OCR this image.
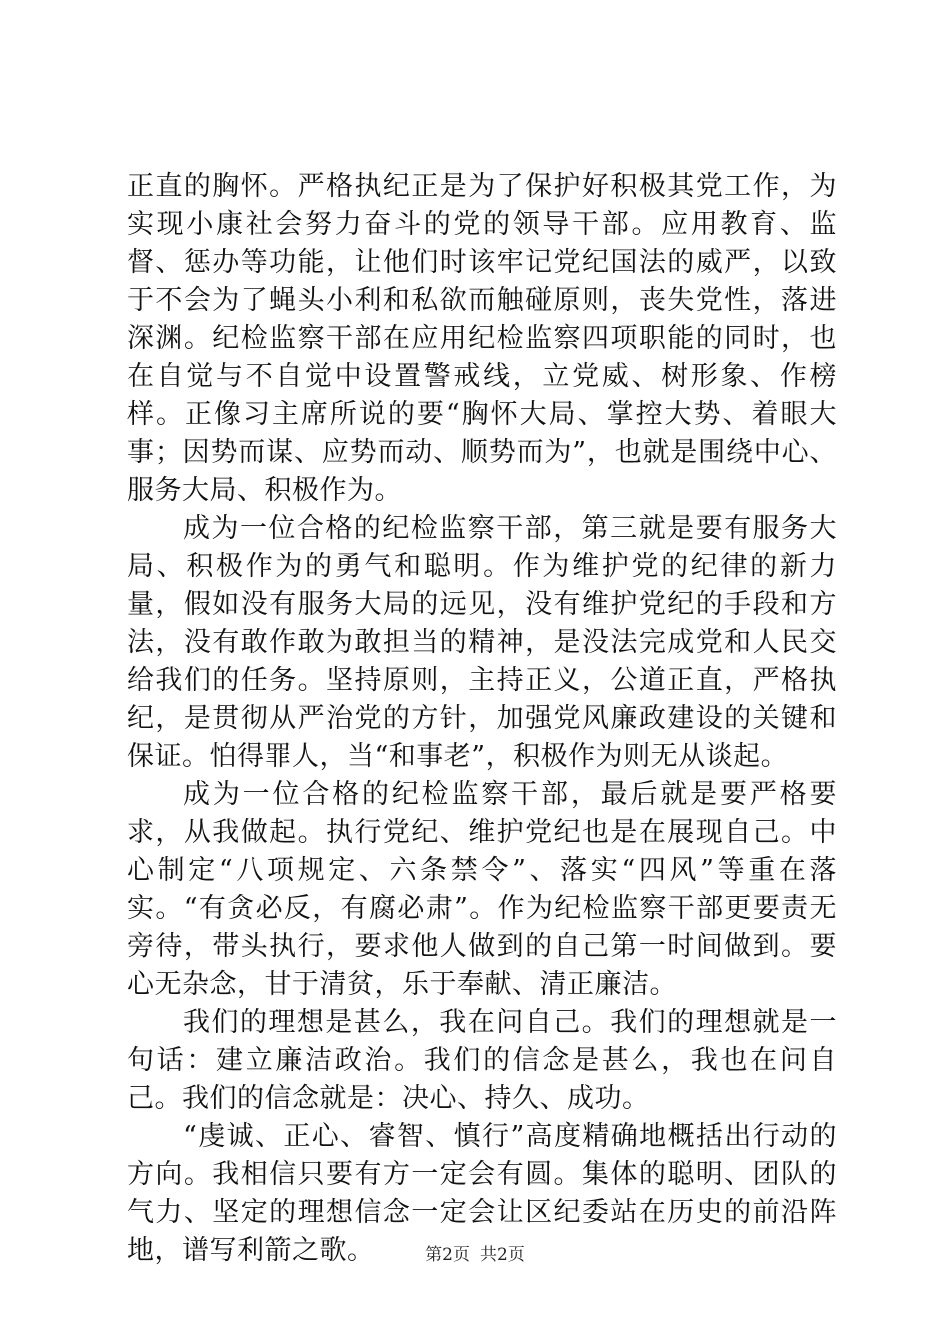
正直的胸怀。严格执纪正是为了保护好积极其党工作，为实现小康社会努力奋斗的党的领导干部。应用教育、监督、惩办等功能，让他们时该牢记党纪国法的威严，以致于不会为了蝇头小利和私欲而触碰原则，丧失党性，落进深渊。纪检监察干部在应用纪检监察四项职能的同时，也在自觉与不自觉中设置警戒线，立党威、树形象、作榜样。正像习主席所说的要“胸怀大局、掌控大势、着眼大事；因势而谋、应势而动、顺势而为”，也就是围绕中心、服务大局、积极作为。

成为一位合格的纪检监察干部，第三就是要有服务大局、积极作为的勇气和聪明。作为维护党的纪律的新力量，假如没有服务大局的远见，没有维护党纪的手段和方法，没有敢作敢为敢担当的精神，是没法完成党和人民交给我们的任务。坚持原则，主持正义，公道正直，严格执纪，是贯彻从严治党的方针，加强党风廉政建设的关键和保证。怕得罪人，当“和事老”，积极作为则无从谈起。

成为一位合格的纪检监察干部，最后就是要严格要求，从我做起。执行党纪、维护党纪也是在展现自己。中心制定“八项规定、六条禁令”、落实“四风”等重在落实。“有贪必反，有腐必肃”。作为纪检监察干部更要责无旁待，带头执行，要求他人做到的自己第一时间做到。要心无杂念，甘于清贫，乐于奉献、清正廉洁。

我们的理想是甚么，我在问自己。我们的理想就是一句话：建立廉洁政治。我们的信念是甚么，我也在问自己。我们的信念就是：决心、持久、成功。

“虔诚、正心、睿智、慎行”高度精确地概括出行动的方向。我相信只要有方一定会有圆。集体的聪明、团队的气力、坚定的理想信念一定会让区纪委站在历史的前沿阵地，谱写利箭之歌。	第2页 共2页
